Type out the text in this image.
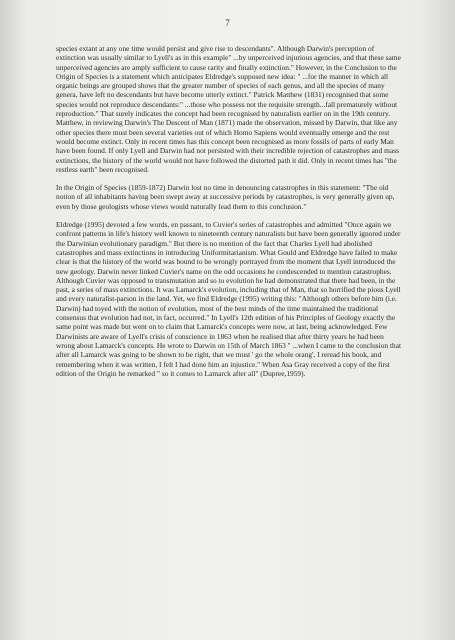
7

species extant at any one time would persist and give rise to descendants". Although Darwin's perception of extinction was usually similar to Lyell's as in this example" ...by unperceived injurious agencies, and that these same unperceived agencies are amply sufficient to cause rarity and finally extinction." However, in the Conclusion to the Origin of Species is a statement which anticipates Eldredge's supposed new idea: " ...for the manner in which all organic beings are grouped shows that the greater number of species of each genus, and all the species of many genera, have left no descendants but have become utterly extinct." Patrick Matthew (1831) recognised that some species would not reproduce descendants:" ...those who possess not the requisite strength...fall prematurely without reproduction." That surely indicates the concept had been recognised by naturalists earlier on in the 19th century. Matthew, in reviewing Darwin's The Descent of Man (1871) made the observation, missed by Darwin, that like any other species there must been several varieties out of which Homo Sapiens would eventually emerge and the rest would become extinct. Only in recent times has this concept been recognised as more fossils of parts of early Man have been found. If only Lyell and Darwin had not persisted with their incredible rejection of catastrophes and mass extinctions, the history of the world would not have followed the distorted path it did. Only in recent times has "the restless earth" been recognised.

In the Origin of Species (1859-1872) Darwin lost no time in denouncing catastrophes in this statement: "The old notion of all inhabitants having been swept away at successive periods by catastrophes, is very generally given up, even by those geologists whose views would naturally lead them to this conclusion."

Eldredge (1995) devoted a few words, en passant, to Cuvier's series of catastrophes and admitted "Once again we confront patterns in life's history well known to nineteenth century naturalists but have been generally ignored under the Darwinian evolutionary paradigm." But there is no mention of the fact that Charles Lyell had abolished catastrophes and mass extinctions in introducing Uniformitarianism. What Gould and Eldredge have failed to make clear is that the history of the world was bound to be wrongly portrayed from the moment that Lyell introduced the new geology. Darwin never linked Cuvier's name on the odd occasions he condescended to mention catastrophes. Although Cuvier was opposed to transmutation and so to evolution he had demonstrated that there had been, in the past, a series of mass extinctions. It was Lamarck's evolution, including that of Man, that so horrified the pious Lyell and every naturalist-parson in the land. Yet, we find Eldredge (1995) writing this: "Although others before him (i.e. Darwin) had toyed with the notion of evolution, most of the best minds of the time maintained the traditional consensus that evolution had not, in fact, occurred." In Lyell's 12th edition of his Principles of Geology exactly the same point was made but went on to claim that Lamarck's concepts were now, at last, being acknowledged. Few Darwinists are aware of Lyell's crisis of conscience in 1863 when he realised that after thirty years he had been wrong about Lamarck's concepts. He wrote to Darwin on 15th of March 1863 " ...when I came to the conclusion that after all Lamarck was going to be shown to be right, that we must ' go the whole orang', I reread his book, and remembering when it was written, I felt I had done him an injustice." When Asa Gray received a copy of the first edition of the Origin he remarked " so it comes to Lamarck after all" (Dupree,1959).
